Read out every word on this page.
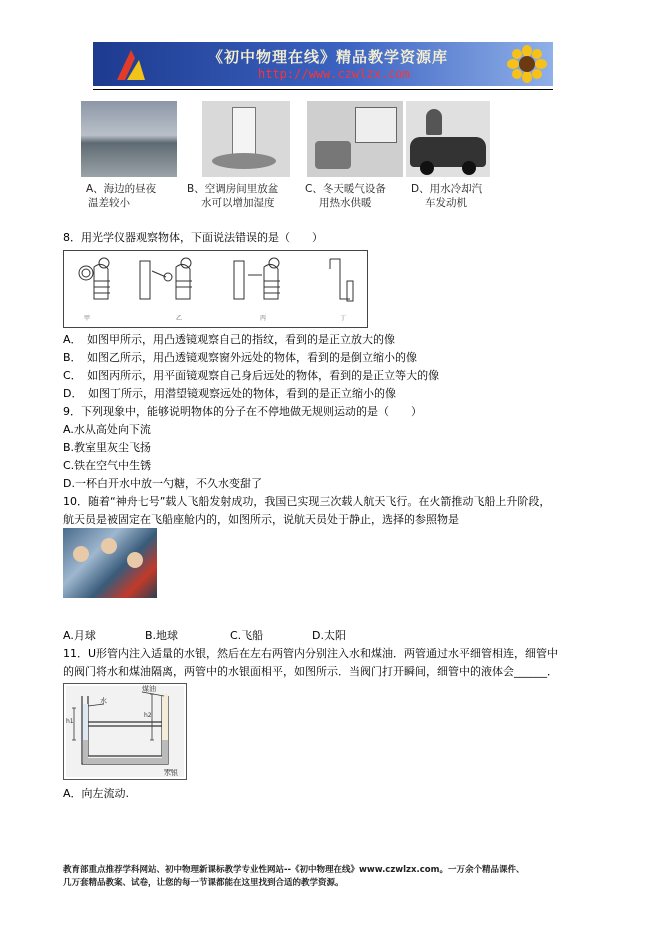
《初中物理在线》精品教学资源库
http://www.czwlzx.com
A、海边的昼夜
温差较小
B、空调房间里放盆
水可以增加湿度
C、冬天暖气设备
用热水供暖
D、用水冷却汽
车发动机
8．用光学仪器观察物体，下面说法错误的是（　　）
甲	乙	丙	丁
A．　如图甲所示，用凸透镜观察自己的指纹，看到的是正立放大的像
B．　如图乙所示，用凸透镜观察窗外远处的物体，看到的是倒立缩小的像
C．　如图丙所示，用平面镜观察自己身后远处的物体，看到的是正立等大的像
D．　如图丁所示，用潜望镜观察远处的物体，看到的是正立缩小的像
9．下列现象中，能够说明物体的分子在不停地做无规则运动的是（　　）
A.水从高处向下流
B.教室里灰尘飞扬
C.铁在空气中生锈
D.一杯白开水中放一勺糖，不久水变甜了
10．随着“神舟七号”载人飞船发射成功，我国已实现三次载人航天飞行。在火箭推动飞船上升阶段，
航天员是被固定在飞船座舱内的，如图所示，说航天员处于静止，选择的参照物是
A.月球	B.地球	C.飞船	D.太阳
11．U形管内注入适量的水银，然后在左右两管内分别注入水和煤油．两管通过水平细管相连，细管中
的阀门将水和煤油隔离，两管中的水银面相平，如图所示．当阀门打开瞬间，细管中的液体会______．
煤油
水
h1
h2
水银
A．向左流动.
教育部重点推荐学科网站、初中物理新课标教学专业性网站--《初中物理在线》www.czwlzx.com。一万余个精品课件、
几万套精品教案、试卷，让您的每一节课都能在这里找到合适的教学资源。
